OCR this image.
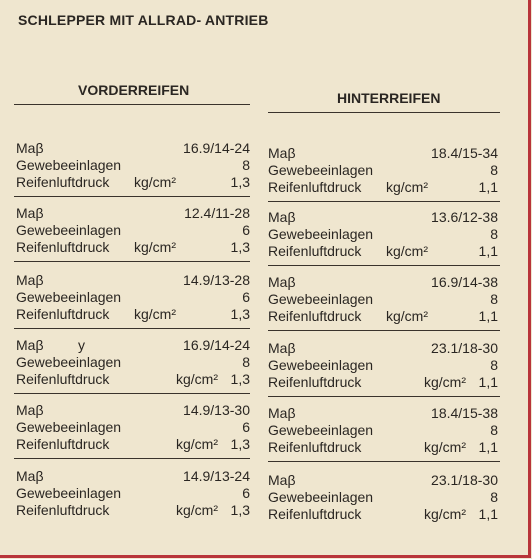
SCHLEPPER MIT ALLRAD- ANTRIEB
VORDERREIFEN	HINTERREIFEN
Maβ	16.9/14-24
Gewebeeinlagen	8
Reifenluftdruck kg/cm²	1,3
Maβ	12.4/11-28
Gewebeeinlagen	6
Reifenluftdruck kg/cm²	1,3
Maβ	14.9/13-28
Gewebeeinlagen	6
Reifenluftdruck kg/cm²	1,3
Maβ y	16.9/14-24
Gewebeeinlagen	8
Reifenluftdruck	kg/cm² 1,3
Maβ	14.9/13-30
Gewebeeinlagen	6
Reifenluftdruck	kg/cm² 1,3
Maβ	14.9/13-24
Gewebeeinlagen	6
Reifenluftdruck	kg/cm² 1,3
Maβ	18.4/15-34
Gewebeeinlagen	8
Reifenluftdruck kg/cm²	1,1
Maβ	13.6/12-38
Gewebeeinlagen	8
Reifenluftdruck kg/cm²	1,1
Maβ	16.9/14-38
Gewebeeinlagen	8
Reifenluftdruck kg/cm²	1,1
Maβ	23.1/18-30
Gewebeeinlagen	8
Reifenluftdruck	kg/cm² 1,1
Maβ	18.4/15-38
Gewebeeinlagen	8
Reifenluftdruck	kg/cm² 1,1
Maβ	23.1/18-30
Gewebeeinlagen	8
Reifenluftdruck	kg/cm² 1,1
